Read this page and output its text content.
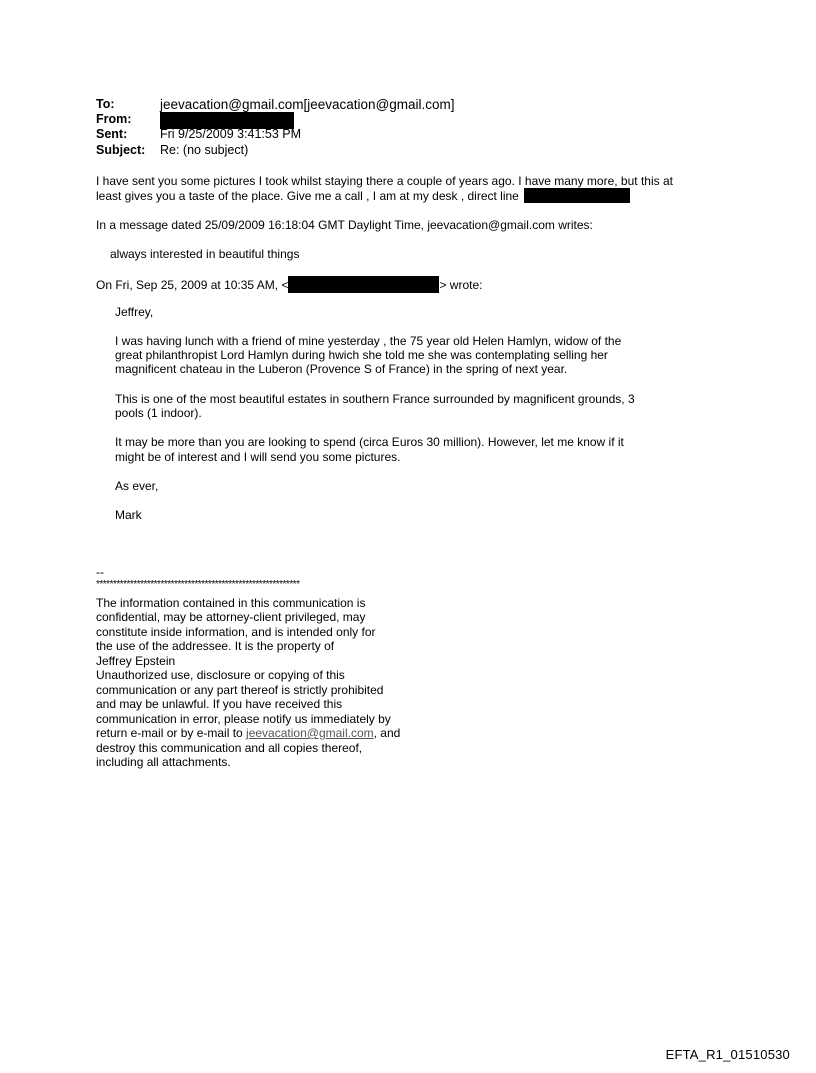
To:	jeevacation@gmail.com[jeevacation@gmail.com]
From:
Sent:	Fri 9/25/2009 3:41:53 PM
Subject:	Re: (no subject)
I have sent you some pictures I took whilst staying there a couple of years ago. I have many more, but this at
least gives you a taste of the place. Give me a call , I am at my desk , direct line
In a message dated 25/09/2009 16:18:04 GMT Daylight Time, jeevacation@gmail.com writes:
always interested in beautiful things
On Fri, Sep 25, 2009 at 10:35 AM, <	> wrote:
Jeffrey,
I was having lunch with a friend of mine yesterday , the 75 year old Helen Hamlyn, widow of the
great philanthropist Lord Hamlyn during hwich she told me she was contemplating selling her
magnificent chateau in the Luberon (Provence S of France) in the spring of next year.
This is one of the most beautiful estates in southern France surrounded by magnificent grounds, 3
pools (1 indoor).
It may be more than you are looking to spend (circa Euros 30 million). However, let me know if it
might be of interest and I will send you some pictures.
As ever,
Mark
--
************************************************************
The information contained in this communication is
confidential, may be attorney-client privileged, may
constitute inside information, and is intended only for
the use of the addressee. It is the property of
Jeffrey Epstein
Unauthorized use, disclosure or copying of this
communication or any part thereof is strictly prohibited
and may be unlawful. If you have received this
communication in error, please notify us immediately by
return e-mail or by e-mail to jeevacation@gmail.com, and
destroy this communication and all copies thereof,
including all attachments.
EFTA_R1_01510530
